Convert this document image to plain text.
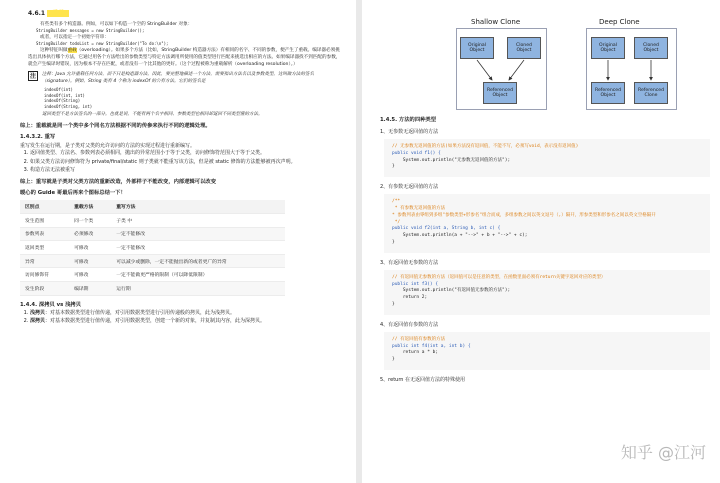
4.6.1 重载
有些类有多个构造器。例如，可以如下构造一个空的 StringBuilder 对象：
StringBuilder messages = new StringBuilder();
或者，可以指定一个初始字符串：
StringBuilder todoList = new StringBuilder("To do:\n");
这种特征叫做重载（overloading）。如果多个方法（比如，StringBuilder 构造器方法）有相同的名字、不同的参数，便产生了重载。编译器必须挑选出具体执行哪个方法，它通过用各个方法给出的参数类型与特定方法调用所使用的值类型进行匹配来挑选出相应的方法。如果编译器找不到匹配的参数，就会产生编译时错误，因为根本不存在匹配，或者没有一个比其他的更好。（这个过程被称为重载解析（overloading resolution）。）
注	注释：Java 允许重载任何方法，而不只是构造器方法。因此，要完整地描述一个方法，需要指出方法名以及参数类型。这叫做方法的签名（signature）。例如，String 类有 4 个称为 indexOf 的公有方法。它们的签名是
indexOf(int)
indexOf(int, int)
indexOf(String)
indexOf(String, int)
返回类型不是方法签名的一部分。也就是说，不能有两个名字相同、参数类型也相同却返回不同类型值的方法。
综上：重载就是同一个类中多个同名方法根据不同的传参来执行不同的逻辑处理。
1.4.3.2. 重写
重写发生在运行期，是子类对父类的允许访问的方法的实现过程进行重新编写。
1. 返回值类型、方法名、参数列表必须相同，抛出的异常范围小于等于父类，访问修饰符范围大于等于父类。
2. 如果父类方法访问修饰符为 private/final/static 则子类就不能重写该方法，但是被 static 修饰的方法能够被再次声明。
3. 构造方法无法被重写
综上：重写就是子类对父类方法的重新改造，外部样子不能改变，内部逻辑可以改变
暖心的 Guide 哥最后再来个图标总结一下！
区别点	重载方法	重写方法
发生范围	同一个类	子类 中
参数列表	必须修改	一定不能修改
返回类型	可修改	一定不能修改
异常	可修改	可以减少或删除，一定不能抛出新的或者更广的异常
访问修饰符	可修改	一定不能做更严格的限制（可以降低限制）
发生阶段	编译期	运行期
1.4.4. 深拷贝 vs 浅拷贝
1. 浅拷贝：对基本数据类型进行值传递，对引用数据类型进行引用传递般的拷贝，此为浅拷贝。
2. 深拷贝：对基本数据类型进行值传递，对引用数据类型，创建一个新的对象，并复制其内容，此为深拷贝。
Shallow Clone	Deep Clone
Original
Object
Cloned
Object
Referenced
Object
Original
Object
Cloned
Object
Referenced
Object
Referenced
Clone
1.4.5. 方法的四种类型
1、无参数无返回值的方法
// 无参数无返回值的方法(如果方法没有返回值，不能不写，必须写void，表示没有返回值)
public void f1() {
System.out.println("无参数无返回值的方法");
}
2、有参数无返回值的方法
/**
* 有参数无返回值的方法
* 参数列表由零组到多组"参数类型+形参名"组合而成，多组参数之间以英文逗号（,）隔开，形参类型和形参名之间以英文空格隔开
*/
public void f2(int a, String b, int c) {
System.out.println(a + "-->" + b + "-->" + c);
}
3、有返回值无参数的方法
// 有返回值无参数的方法（返回值可以是任意的类型，在函数里面必须有return关键字返回对应的类型）
public int f3() {
System.out.println("有返回值无参数的方法");
return 2;
}
4、有返回值有参数的方法
// 有返回值有参数的方法
public int f4(int a, int b) {
return a * b;
}
5、return 在无返回值方法的特殊使用
知乎 @江河
